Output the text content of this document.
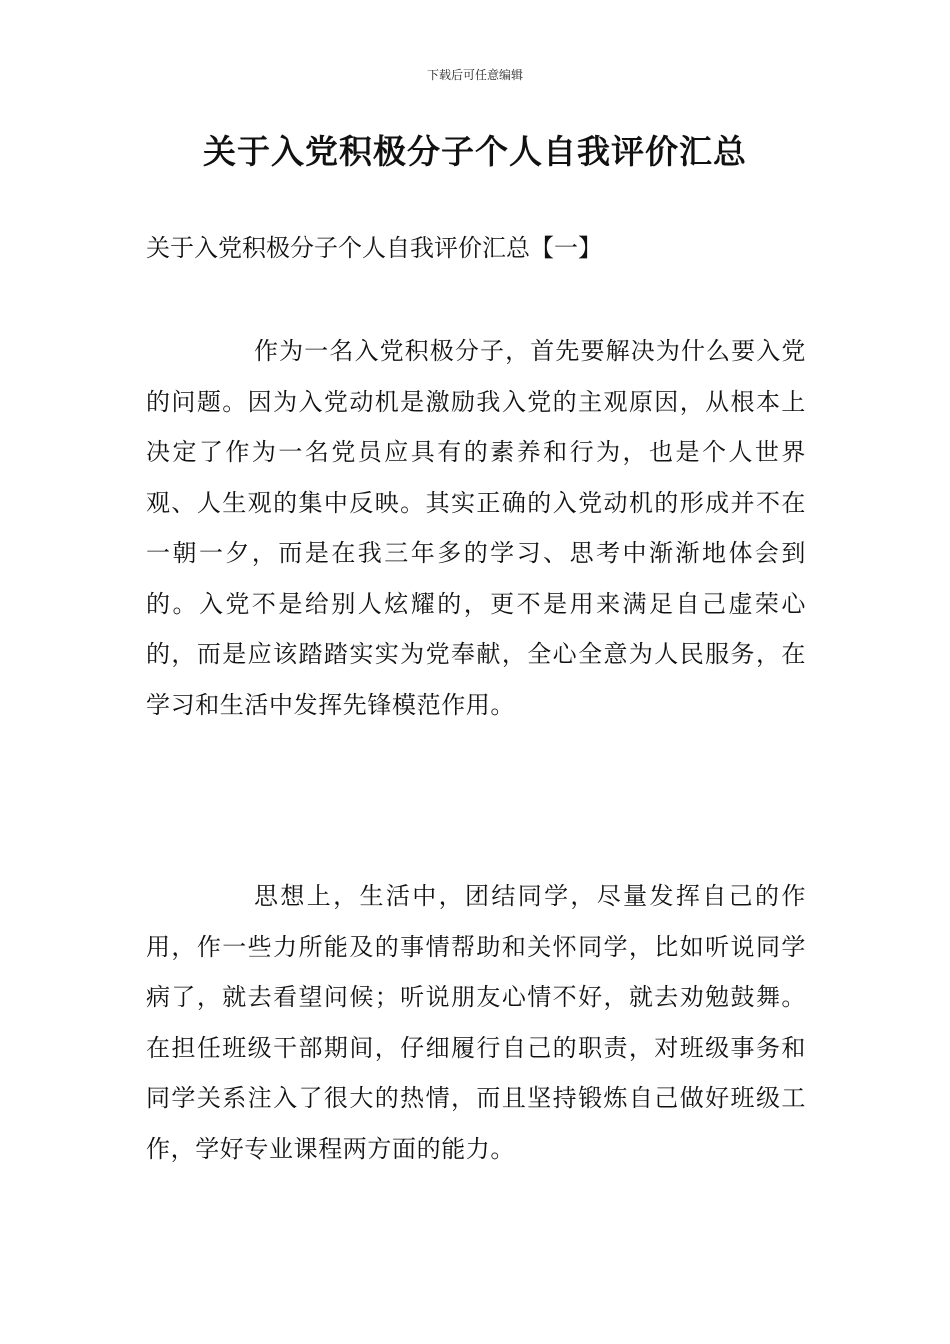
下载后可任意编辑
关于入党积极分子个人自我评价汇总
关于入党积极分子个人自我评价汇总【一】

作为一名入党积极分子，首先要解决为什么要入党的问题。因为入党动机是激励我入党的主观原因，从根本上决定了作为一名党员应具有的素养和行为，也是个人世界观、人生观的集中反映。其实正确的入党动机的形成并不在一朝一夕，而是在我三年多的学习、思考中渐渐地体会到的。入党不是给别人炫耀的，更不是用来满足自己虚荣心的，而是应该踏踏实实为党奉献，全心全意为人民服务，在学习和生活中发挥先锋模范作用。

思想上，生活中，团结同学，尽量发挥自己的作用，作一些力所能及的事情帮助和关怀同学，比如听说同学病了，就去看望问候；听说朋友心情不好，就去劝勉鼓舞。在担任班级干部期间，仔细履行自己的职责，对班级事务和同学关系注入了很大的热情，而且坚持锻炼自己做好班级工作，学好专业课程两方面的能力。
